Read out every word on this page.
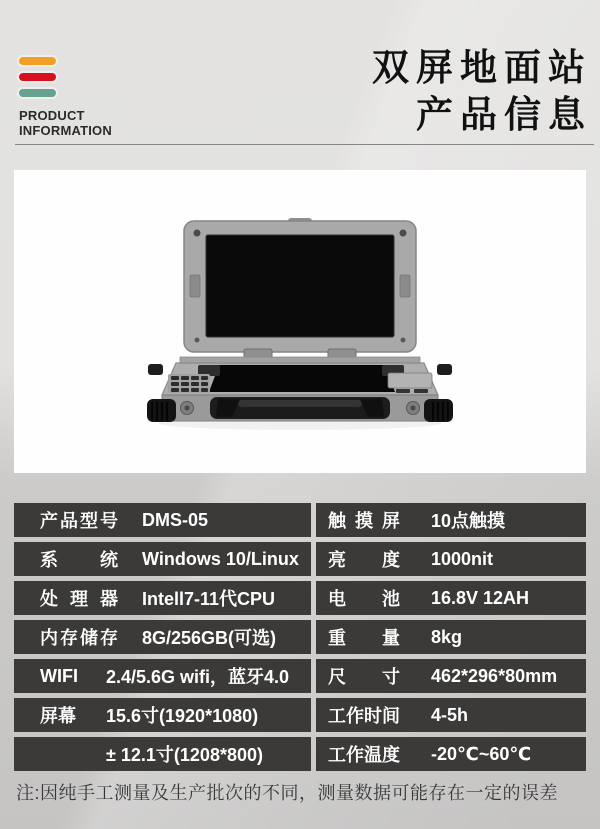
PRODUCT
INFORMATION
双屏地面站
产品信息
产品型号 DMS-05	触摸屏 10点触摸
系统 Windows 10/Linux 亮度 1000nit
处理器 Intell7-11代CPU	电池 16.8V 12AH
内存储存 8G/256GB(可选)	重量 8kg
WIFI	2.4/5.6G wifi，蓝牙4.0 尺寸 462*296*80mm
屏幕	15.6寸(1920*1080)	工作时间 4-5h
± 12.1寸(1208*800)	工作温度 -20℃~60℃
注:因纯手工测量及生产批次的不同，测量数据可能存在一定的误差
